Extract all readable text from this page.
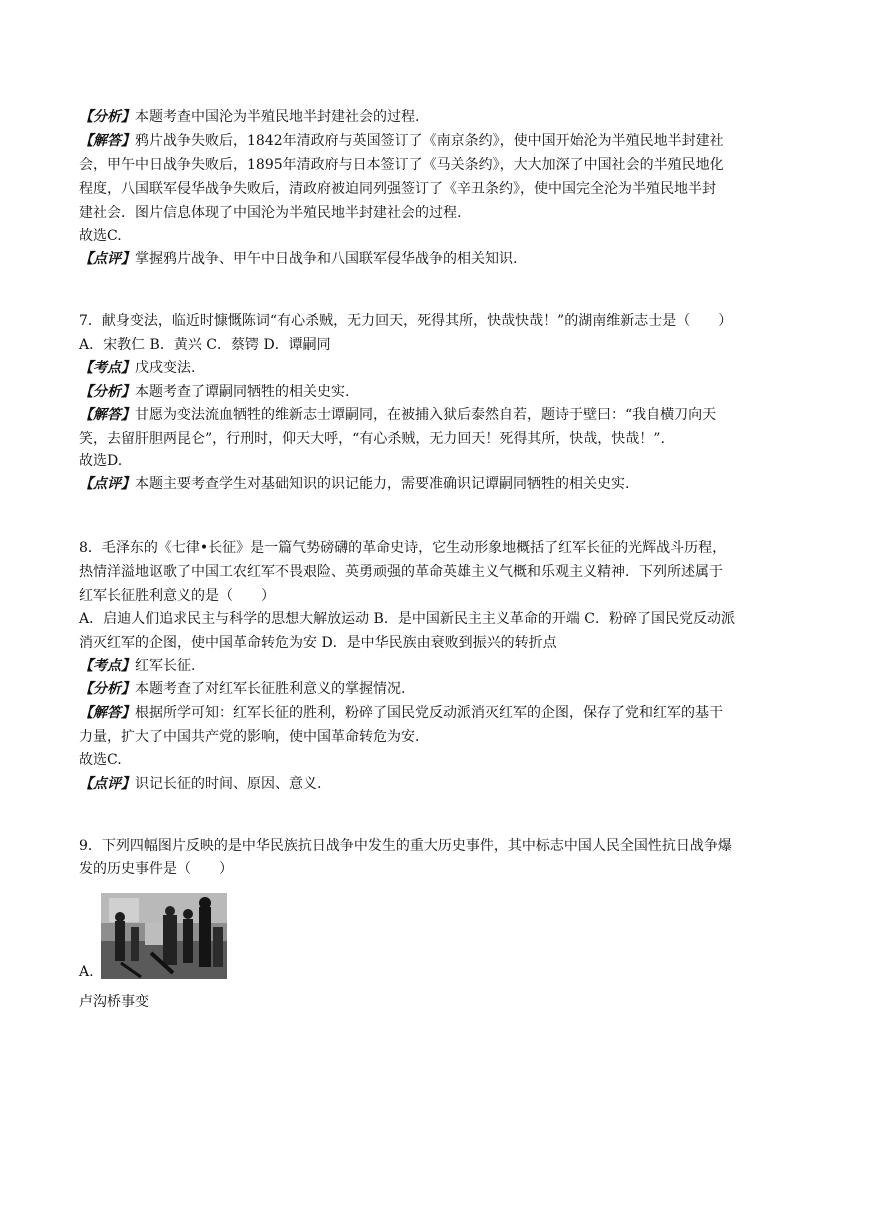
【分析】本题考查中国沦为半殖民地半封建社会的过程.
【解答】鸦片战争失败后，1842年清政府与英国签订了《南京条约》，使中国开始沦为半殖民地半封建社
会，甲午中日战争失败后，1895年清政府与日本签订了《马关条约》，大大加深了中国社会的半殖民地化
程度，八国联军侵华战争失败后，清政府被迫同列强签订了《辛丑条约》，使中国完全沦为半殖民地半封
建社会．图片信息体现了中国沦为半殖民地半封建社会的过程.
故选C.
【点评】掌握鸦片战争、甲午中日战争和八国联军侵华战争的相关知识.
7．献身变法，临近时慷慨陈词“有心杀贼，无力回天，死得其所，快哉快哉！”的湖南维新志士是（　　）
A．宋教仁 B．黄兴 C．蔡锷 D．谭嗣同
【考点】戊戌变法.
【分析】本题考查了谭嗣同牺牲的相关史实.
【解答】甘愿为变法流血牺牲的维新志士谭嗣同，在被捕入狱后泰然自若，题诗于壁曰：“我自横刀向天
笑，去留肝胆两昆仑”，行刑时，仰天大呼，“有心杀贼，无力回天！死得其所，快哉，快哉！”.
故选D.
【点评】本题主要考查学生对基础知识的识记能力，需要准确识记谭嗣同牺牲的相关史实.
8．毛泽东的《七律•长征》是一篇气势磅礴的革命史诗，它生动形象地概括了红军长征的光辉战斗历程，
热情洋溢地讴歌了中国工农红军不畏艰险、英勇顽强的革命英雄主义气概和乐观主义精神．下列所述属于
红军长征胜利意义的是（　　）
A．启迪人们追求民主与科学的思想大解放运动 B．是中国新民主主义革命的开端 C．粉碎了国民党反动派
消灭红军的企图，使中国革命转危为安 D．是中华民族由衰败到振兴的转折点
【考点】红军长征.
【分析】本题考查了对红军长征胜利意义的掌握情况.
【解答】根据所学可知：红军长征的胜利，粉碎了国民党反动派消灭红军的企图，保存了党和红军的基干
力量，扩大了中国共产党的影响，使中国革命转危为安.
故选C.
【点评】识记长征的时间、原因、意义.
9．下列四幅图片反映的是中华民族抗日战争中发生的重大历史事件，其中标志中国人民全国性抗日战争爆
发的历史事件是（　　）
A.
卢沟桥事变
